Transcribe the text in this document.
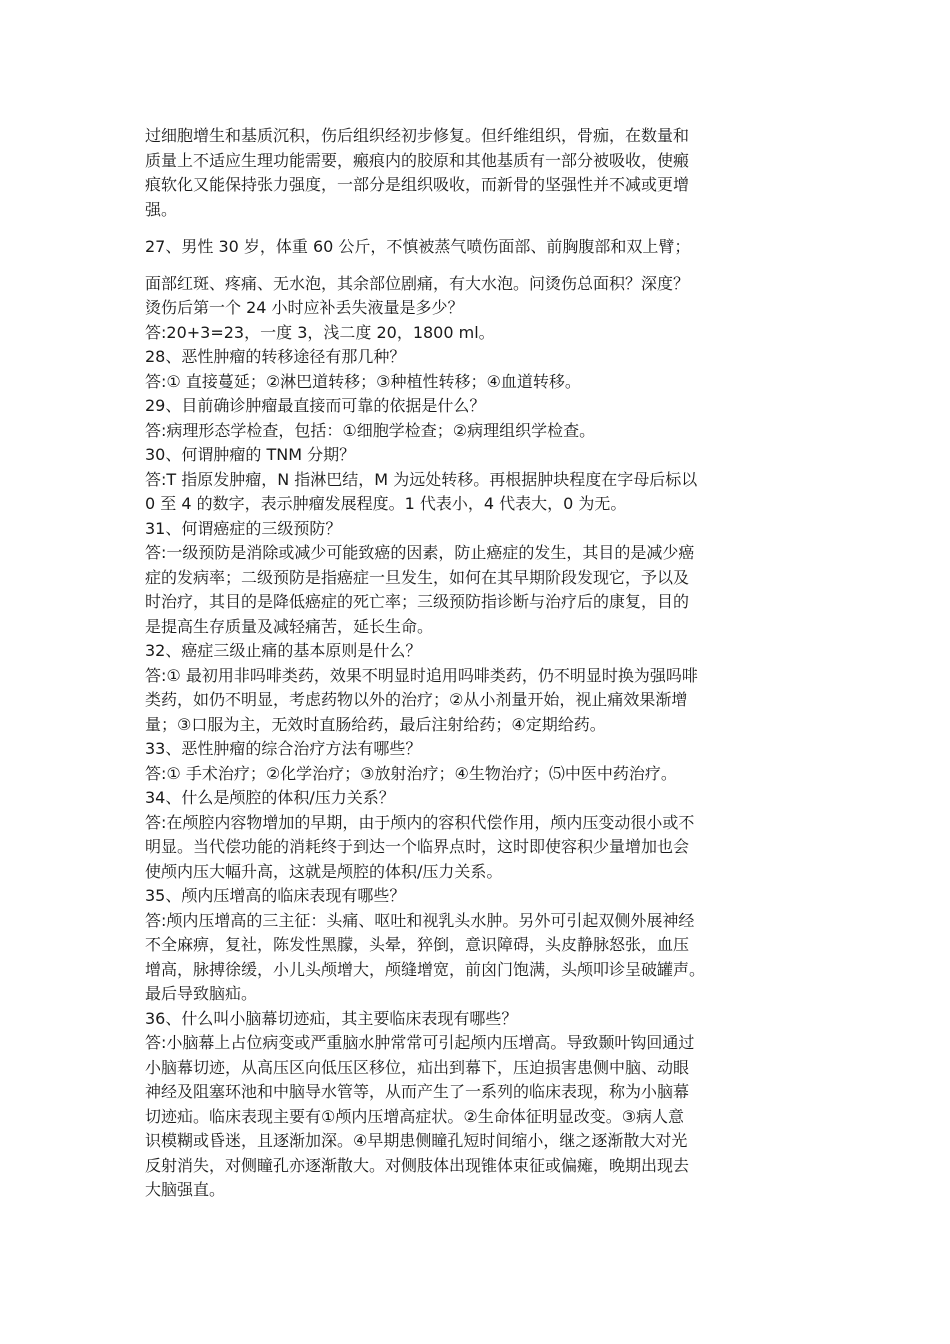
过细胞增生和基质沉积，伤后组织经初步修复。但纤维组织，骨痂，在数量和

质量上不适应生理功能需要，瘢痕内的胶原和其他基质有一部分被吸收，使瘢

痕软化又能保持张力强度，一部分是组织吸收，而新骨的坚强性并不减或更增

强。

27、男性 30 岁，体重 60 公斤，不慎被蒸气喷伤面部、前胸腹部和双上臂；

面部红斑、疼痛、无水泡，其余部位剧痛，有大水泡。问烫伤总面积？深度？

烫伤后第一个 24 小时应补丢失液量是多少？

答:20+3=23，一度 3，浅二度 20，1800 ml。

28、恶性肿瘤的转移途径有那几种？

答:① 直接蔓延；②淋巴道转移；③种植性转移；④血道转移。

29、目前确诊肿瘤最直接而可靠的依据是什么？

答:病理形态学检查，包括：①细胞学检查；②病理组织学检查。

30、何谓肿瘤的 TNM 分期？

答:T 指原发肿瘤，N 指淋巴结，M 为远处转移。再根据肿块程度在字母后标以

0 至 4 的数字，表示肿瘤发展程度。1 代表小，4 代表大，0 为无。

31、何谓癌症的三级预防？

答:一级预防是消除或减少可能致癌的因素，防止癌症的发生，其目的是减少癌

症的发病率；二级预防是指癌症一旦发生，如何在其早期阶段发现它，予以及

时治疗，其目的是降低癌症的死亡率；三级预防指诊断与治疗后的康复，目的

是提高生存质量及减轻痛苦，延长生命。

32、癌症三级止痛的基本原则是什么？

答:① 最初用非吗啡类药，效果不明显时追用吗啡类药，仍不明显时换为强吗啡

类药，如仍不明显，考虑药物以外的治疗；②从小剂量开始，视止痛效果渐增

量；③口服为主，无效时直肠给药，最后注射给药；④定期给药。

33、恶性肿瘤的综合治疗方法有哪些？

答:① 手术治疗；②化学治疗；③放射治疗；④生物治疗；⑸中医中药治疗。

34、什么是颅腔的体积/压力关系？

答:在颅腔内容物增加的早期，由于颅内的容积代偿作用，颅内压变动很小或不

明显。当代偿功能的消耗终于到达一个临界点时，这时即使容积少量增加也会

使颅内压大幅升高，这就是颅腔的体积/压力关系。

35、颅内压增高的临床表现有哪些？

答:颅内压增高的三主征：头痛、呕吐和视乳头水肿。另外可引起双侧外展神经

不全麻痹，复社，陈发性黑朦，头晕，猝倒，意识障碍，头皮静脉怒张，血压

增高，脉搏徐缓，小儿头颅增大，颅缝增宽，前囟门饱满，头颅叩诊呈破罐声。

最后导致脑疝。

36、什么叫小脑幕切迹疝，其主要临床表现有哪些？

答:小脑幕上占位病变或严重脑水肿常常可引起颅内压增高。导致颞叶钩回通过

小脑幕切迹，从高压区向低压区移位，疝出到幕下，压迫损害患侧中脑、动眼

神经及阻塞环池和中脑导水管等，从而产生了一系列的临床表现，称为小脑幕

切迹疝。临床表现主要有①颅内压增高症状。②生命体征明显改变。③病人意

识模糊或昏迷，且逐渐加深。④早期患侧瞳孔短时间缩小，继之逐渐散大对光

反射消失，对侧瞳孔亦逐渐散大。对侧肢体出现锥体束征或偏瘫，晚期出现去

大脑强直。
